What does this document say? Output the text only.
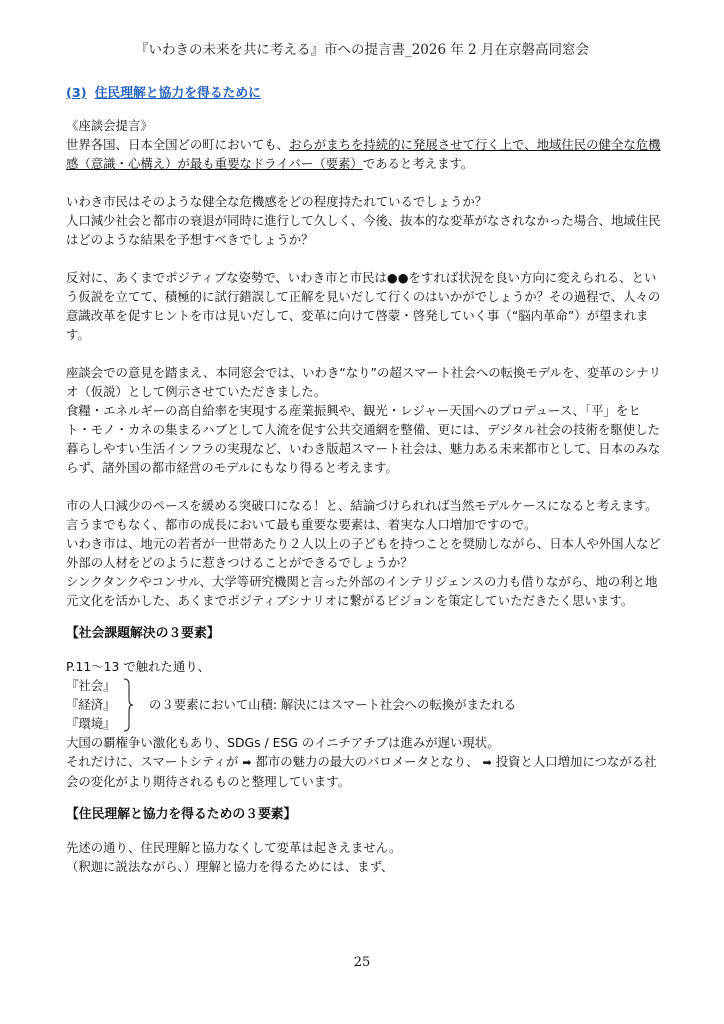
『いわきの未来を共に考える』市への提言書_2026 年 2 月在京磐高同窓会
(3) 住民理解と協力を得るために

《座談会提言》

世界各国、日本全国どの町においても、おらがまちを持続的に発展させて行く上で、地域住民の健全な危機感（意識・心構え）が最も重要なドライバー（要素）であると考えます。

いわき市民はそのような健全な危機感をどの程度持たれているでしょうか？

人口減少社会と都市の衰退が同時に進行して久しく、今後、抜本的な変革がなされなかった場合、地域住民はどのような結果を予想すべきでしょうか？

反対に、あくまでポジティブな姿勢で、いわき市と市民は●●をすれば状況を良い方向に変えられる、という仮説を立てて、積極的に試行錯誤して正解を見いだして行くのはいかがでしょうか？その過程で、人々の意識改革を促すヒントを市は見いだして、変革に向けて啓蒙・啓発していく事（“脳内革命”）が望まれます。

座談会での意見を踏まえ、本同窓会では、いわき“なり”の超スマート社会への転換モデルを、変革のシナリオ（仮説）として例示させていただきました。

食糧・エネルギーの高自給率を実現する産業振興や、観光・レジャー天国へのプロデュース、「平」をヒト・モノ・カネの集まるハブとして人流を促す公共交通網を整備、更には、デジタル社会の技術を駆使した暮らしやすい生活インフラの実現など、いわき版超スマート社会は、魅力ある未来都市として、日本のみならず、諸外国の都市経営のモデルにもなり得ると考えます。

市の人口減少のペースを緩める突破口になる！と、結論づけられれば当然モデルケースになると考えます。言うまでもなく、都市の成長において最も重要な要素は、着実な人口増加ですので。

いわき市は、地元の若者が一世帯あたり２人以上の子どもを持つことを奨励しながら、日本人や外国人など外部の人材をどのように惹きつけることができるでしょうか？

シンクタンクやコンサル、大学等研究機関と言った外部のインテリジェンスの力も借りながら、地の利と地元文化を活かした、あくまでポジティブシナリオに繋がるビジョンを策定していただきたく思います。

【社会課題解決の３要素】

P.11～13 で触れた通り、

『社会』
『経済』
『環境』
の３要素において山積: 解決にはスマート社会への転換がまたれる

大国の覇権争い激化もあり、SDGs / ESG のイニチアチブは進みが遅い現状。

それだけに、スマートシティが ➡ 都市の魅力の最大のバロメータとなり、 ➡ 投資と人口増加につながる社会の変化がより期待されるものと整理しています。

【住民理解と協力を得るための３要素】

先述の通り、住民理解と協力なくして変革は起きえません。

（釈迦に説法ながら、）理解と協力を得るためには、まず、

25
